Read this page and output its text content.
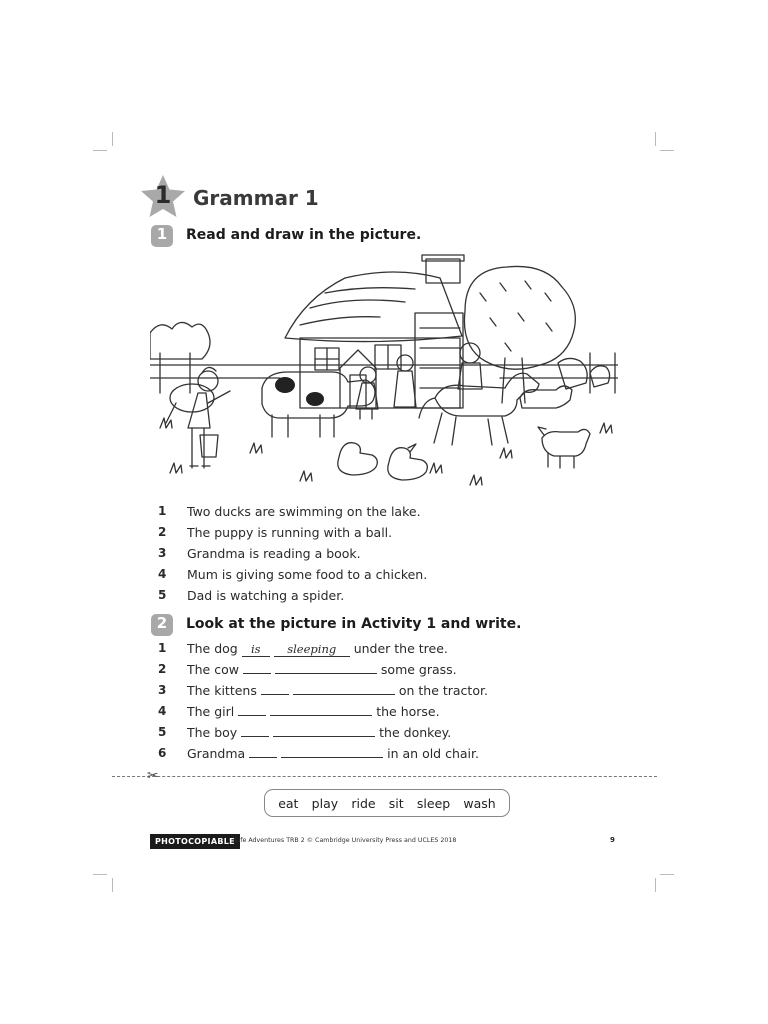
1	Grammar 1
1	Read and draw in the picture.
1	Two ducks are swimming on the lake.
2	The puppy is running with a ball.
3	Grandma is reading a book.
4	Mum is giving some food to a chicken.
5	Dad is watching a spider.
2	Look at the picture in Activity 1 and write.
1	The dog is sleeping under the tree.
2	The cow	some grass.
3	The kittens	on the tractor.
4	The girl	the horse.
5	The boy	the donkey.
6	Grandma	in an old chair.
✂
eat play ride sit sleep wash
PHOTOCOPIABLE Life Adventures TRB 2 © Cambridge University Press and UCLES 2018	9
